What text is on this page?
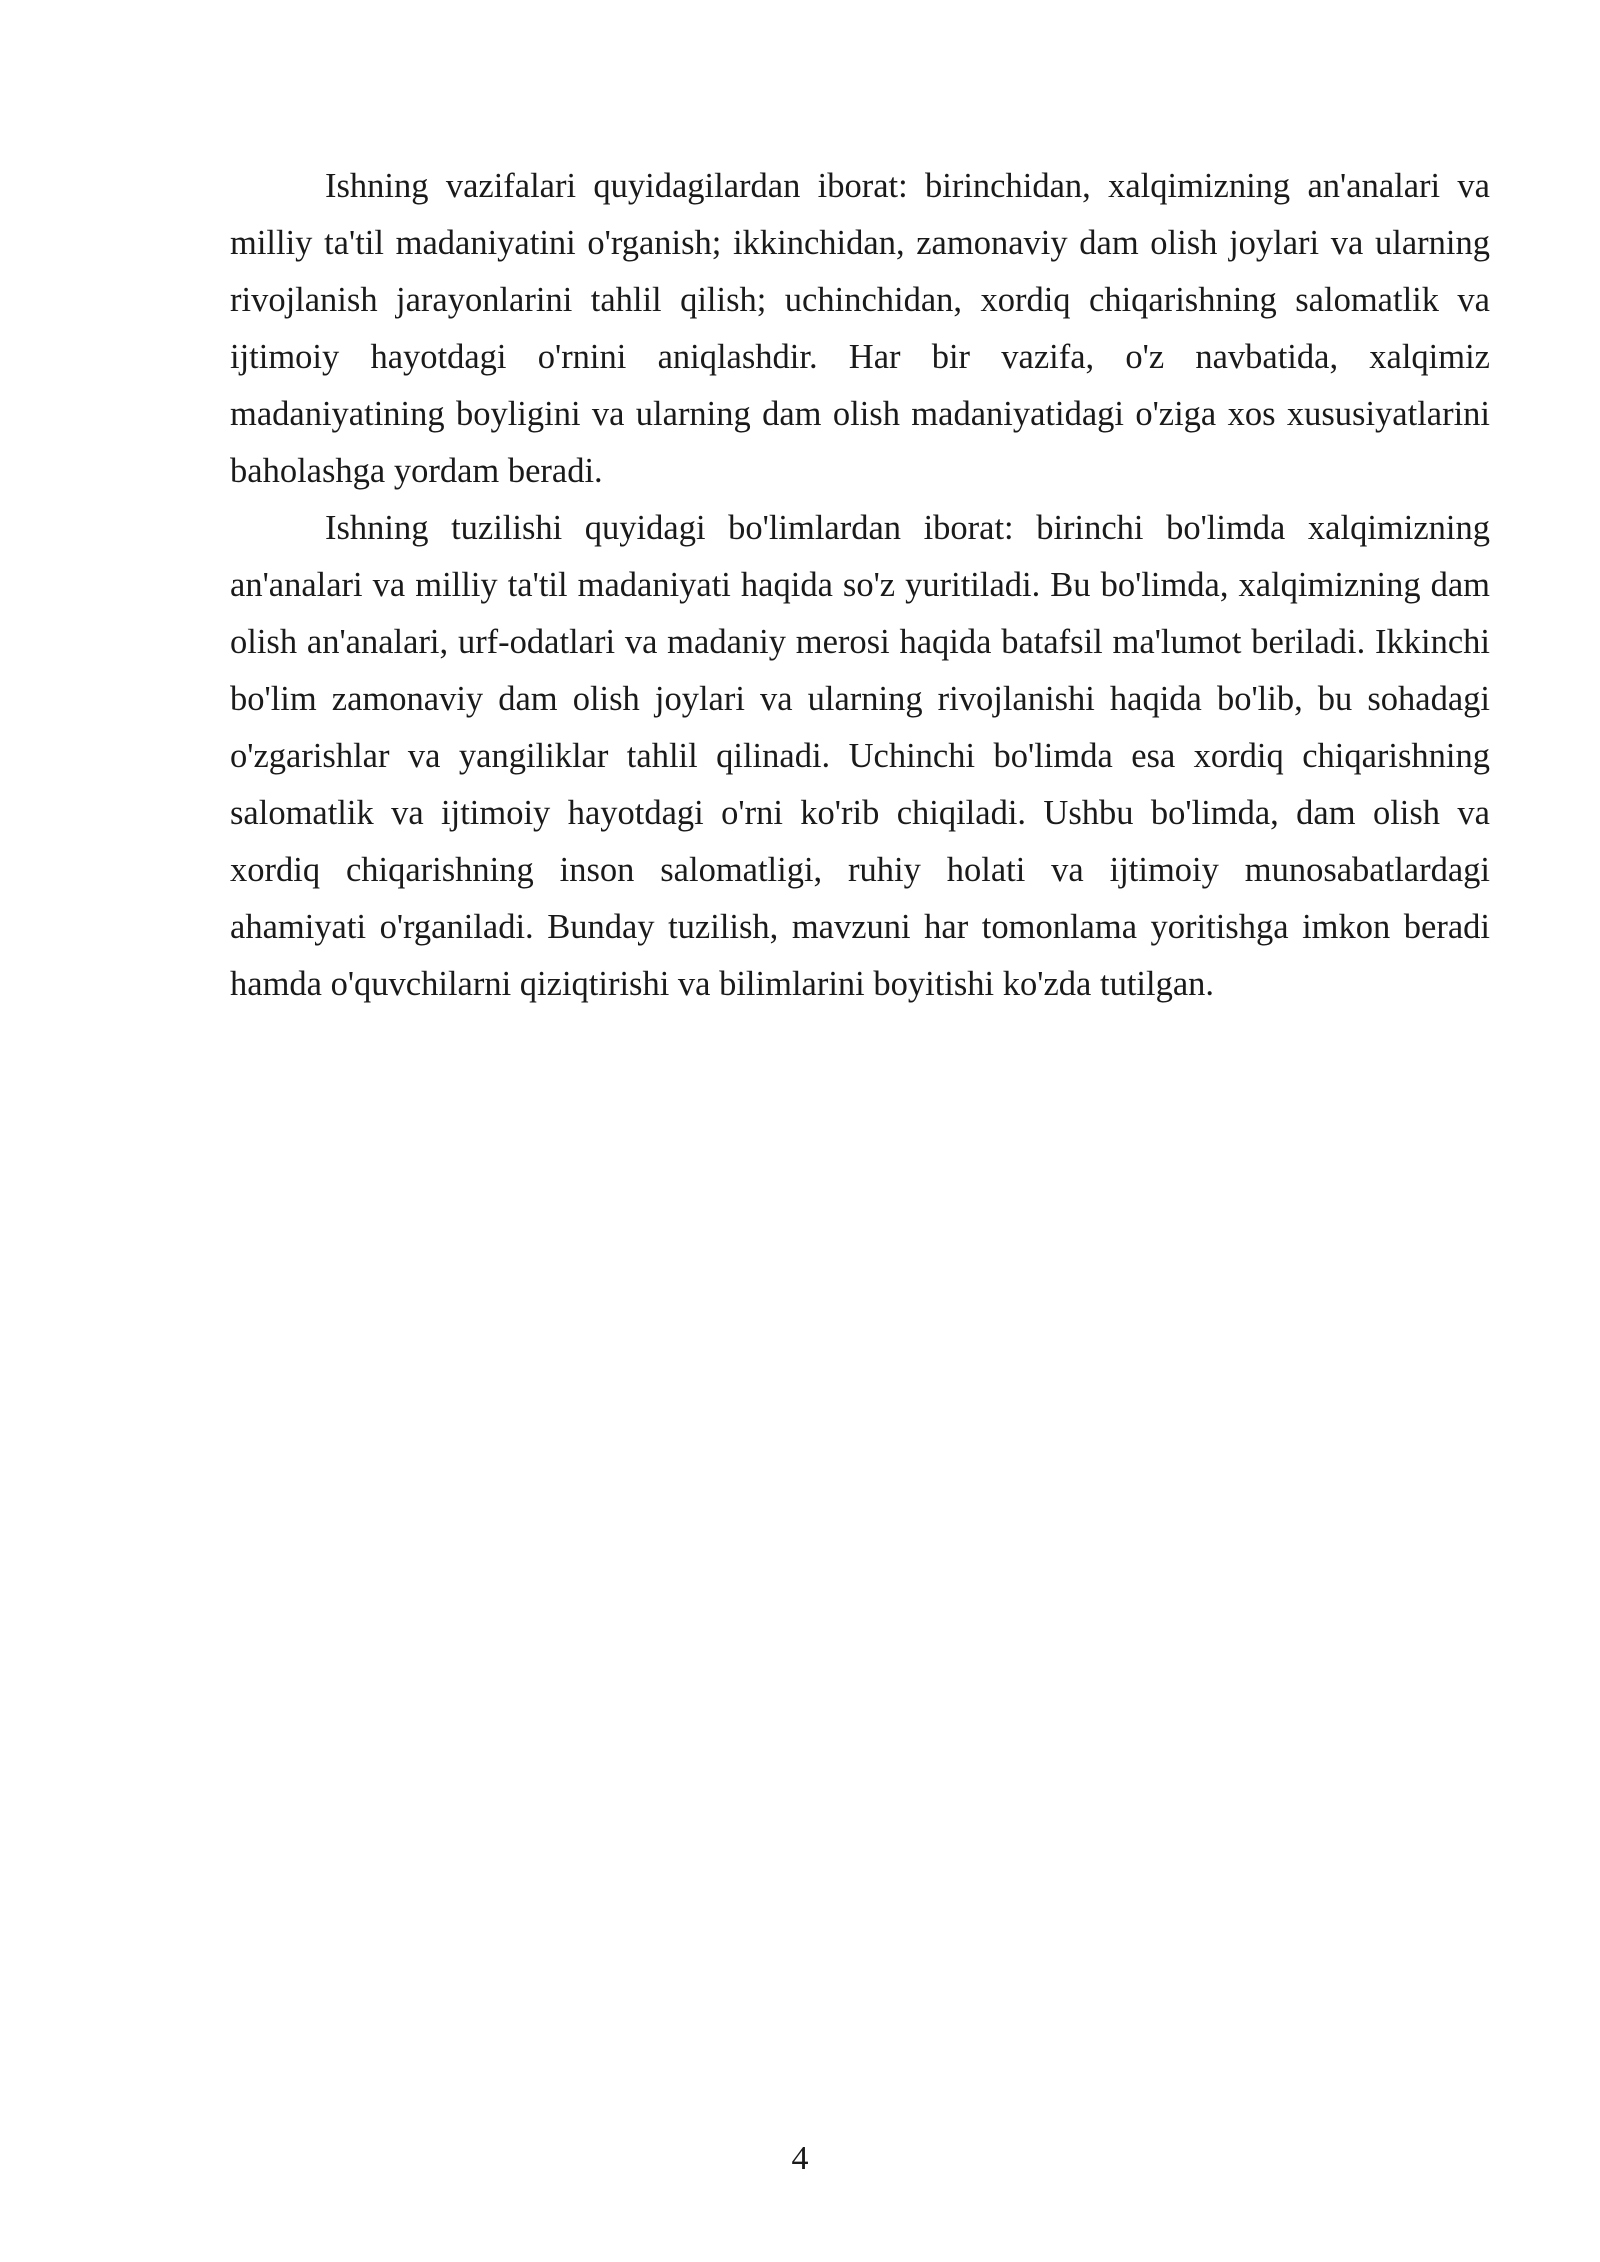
Ishning vazifalari quyidagilardan iborat: birinchidan, xalqimizning an'analari va milliy ta'til madaniyatini o'rganish; ikkinchidan, zamonaviy dam olish joylari va ularning rivojlanish jarayonlarini tahlil qilish; uchinchidan, xordiq chiqarishning salomatlik va ijtimoiy hayotdagi o'rnini aniqlashdir. Har bir vazifa, o'z navbatida, xalqimiz madaniyatining boyligini va ularning dam olish madaniyatidagi o'ziga xos xususiyatlarini baholashga yordam beradi.

Ishning tuzilishi quyidagi bo'limlardan iborat: birinchi bo'limda xalqimizning an'analari va milliy ta'til madaniyati haqida so'z yuritiladi. Bu bo'limda, xalqimizning dam olish an'analari, urf-odatlari va madaniy merosi haqida batafsil ma'lumot beriladi. Ikkinchi bo'lim zamonaviy dam olish joylari va ularning rivojlanishi haqida bo'lib, bu sohadagi o'zgarishlar va yangiliklar tahlil qilinadi. Uchinchi bo'limda esa xordiq chiqarishning salomatlik va ijtimoiy hayotdagi o'rni ko'rib chiqiladi. Ushbu bo'limda, dam olish va xordiq chiqarishning inson salomatligi, ruhiy holati va ijtimoiy munosabatlardagi ahamiyati o'rganiladi. Bunday tuzilish, mavzuni har tomonlama yoritishga imkon beradi hamda o'quvchilarni qiziqtirishi va bilimlarini boyitishi ko'zda tutilgan.

4
